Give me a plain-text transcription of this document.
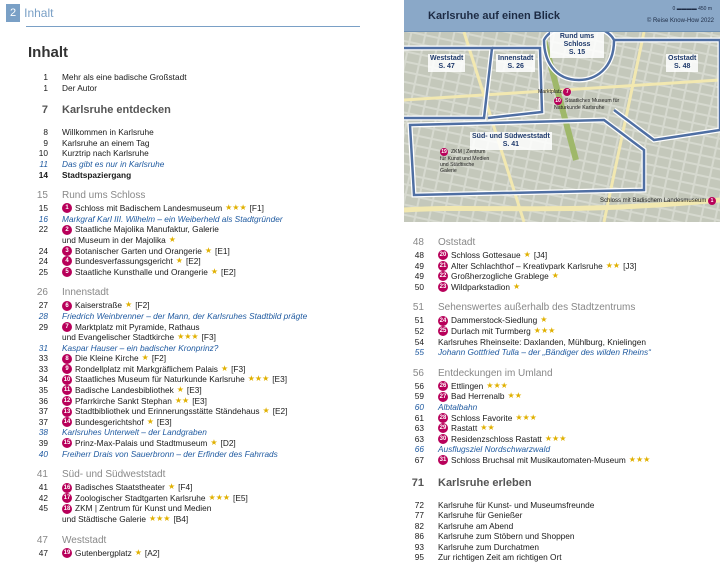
2 Inhalt
Inhalt
1 Mehr als eine badische Großstadt
1 Der Autor
7 Karlsruhe entdecken
8 Willkommen in Karlsruhe
9 Karlsruhe an einem Tag
10 Kurztrip nach Karlsruhe
11 Das gibt es nur in Karlsruhe
14 Stadtspaziergang
15 Rund ums Schloss
15	1 Schloss mit Badischem Landesmuseum ★★★ [F1]
16 Markgraf Karl III. Wilhelm – ein Weiberheld als Stadtgründer
22	2 Staatliche Majolika Manufaktur, Galerie
und Museum in der Majolika ★
24	3 Botanischer Garten und Orangerie ★ [E1]
24	4 Bundesverfassungsgericht ★ [E2]
25	5 Staatliche Kunsthalle und Orangerie ★ [E2]
26 Innenstadt
27	6 Kaiserstraße ★ [F2]
28 Friedrich Weinbrenner – der Mann, der Karlsruhes Stadtbild prägte
29	7 Marktplatz mit Pyramide, Rathaus
und Evangelischer Stadtkirche ★★★ [F3]
31 Kaspar Hauser – ein badischer Kronprinz?
33	8 Die Kleine Kirche ★ [F2]
33	9 Rondellplatz mit Markgräflichem Palais ★ [F3]
34	10 Staatliches Museum für Naturkunde Karlsruhe ★★★ [E3]
35	11 Badische Landesbibliothek ★ [E3]
36	12 Pfarrkirche Sankt Stephan ★★ [E3]
37	13 Stadtbibliothek und Erinnerungsstätte Ständehaus ★ [E2]
37	14 Bundesgerichtshof ★ [E3]
38 Karlsruhes Unterwelt – der Landgraben
39	15 Prinz-Max-Palais und Stadtmuseum ★ [D2]
40 Freiherr Drais von Sauerbronn – der Erfinder des Fahrrads
41 Süd- und Südweststadt
41	16 Badisches Staatstheater ★ [F4]
42	17 Zoologischer Stadtgarten Karlsruhe ★★★ [E5]
45	18 ZKM | Zentrum für Kunst und Medien
und Städtische Galerie ★★★ [B4]
47 Weststadt
47	19 Gutenbergplatz ★ [A2]
Karlsruhe auf einen Blick
0 ▬▬▬▬ 450 m
© Reise Know-How 2022
Weststadt
S. 47
Innenstadt
S. 26
Rund ums Schloss
S. 15
Oststadt
S. 48
Süd- und Südweststadt
S. 41
Marktplatz 7
10 Staatliches Museum für Naturkunde Karlsruhe
19 ZKM | Zentrum für Kunst und Medien und Städtische Galerie
Schloss mit Badischem Landesmuseum 1
48 Oststadt
48	20 Schloss Gottesaue ★ [J4]
49	21 Alter Schlachthof – Kreativpark Karlsruhe ★★ [J3]
49	22 Großherzogliche Grablege ★
50	23 Wildparkstadion ★
51 Sehenswertes außerhalb des Stadtzentrums
51	24 Dammerstock-Siedlung ★
52	25 Durlach mit Turmberg ★★★
54 Karlsruhes Rheinseite: Daxlanden, Mühlburg, Knielingen
55 Johann Gottfried Tulla – der „Bändiger des wilden Rheins“
56 Entdeckungen im Umland
56	26 Ettlingen ★★★
59	27 Bad Herrenalb ★★
60 Albtalbahn
61	28 Schloss Favorite ★★★
63	29 Rastatt ★★
63	30 Residenzschloss Rastatt ★★★
66 Ausflugsziel Nordschwarzwald
67	31 Schloss Bruchsal mit Musikautomaten-Museum ★★★
71 Karlsruhe erleben
72 Karlsruhe für Kunst- und Museumsfreunde
77 Karlsruhe für Genießer
82 Karlsruhe am Abend
86 Karlsruhe zum Stöbern und Shoppen
93 Karlsruhe zum Durchatmen
95 Zur richtigen Zeit am richtigen Ort
